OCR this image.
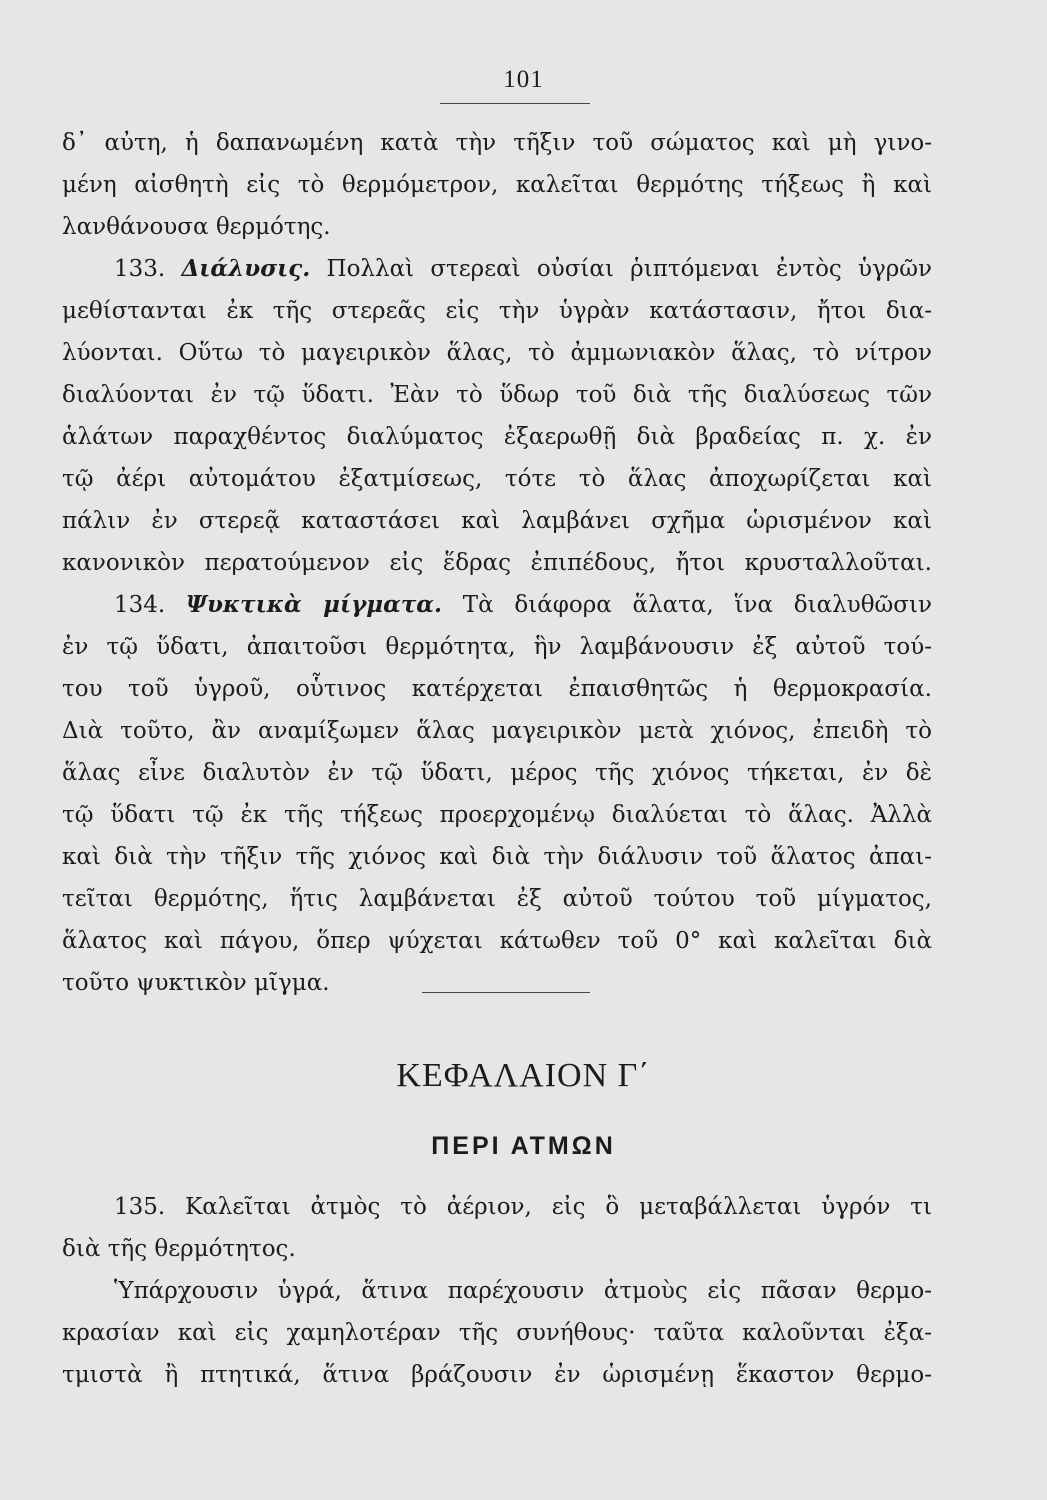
101
δ᾽ αὐτη, ἡ δαπανωμένη κατὰ τὴν τῆξιν τοῦ σώματος καὶ μὴ γινο-
μένη αἰσθητὴ εἰς τὸ θερμόμετρον, καλεῖται θερμότης τήξεως ἢ καὶ
λανθάνουσα θερμότης.
133. Διάλυσις. Πολλαὶ στερεαὶ οὐσίαι ῥιπτόμεναι ἐντὸς ὑγρῶν
μεθίστανται ἐκ τῆς στερεᾶς εἰς τὴν ὑγρὰν κατάστασιν, ἤτοι δια-
λύονται. Οὕτω τὸ μαγειρικὸν ἅλας, τὸ ἀμμωνιακὸν ἅλας, τὸ νίτρον
διαλύονται ἐν τῷ ὕδατι. Ἐὰν τὸ ὕδωρ τοῦ διὰ τῆς διαλύσεως τῶν
ἁλάτων παραχθέντος διαλύματος ἐξαερωθῇ διὰ βραδείας π. χ. ἐν
τῷ ἀέρι αὐτομάτου ἐξατμίσεως, τότε τὸ ἅλας ἀποχωρίζεται καὶ
πάλιν ἐν στερεᾷ καταστάσει καὶ λαμβάνει σχῆμα ὡρισμένον καὶ
κανονικὸν περατούμενον εἰς ἕδρας ἐπιπέδους, ἤτοι κρυσταλλοῦται.
134. Ψυκτικὰ μίγματα. Τὰ διάφορα ἅλατα, ἵνα διαλυθῶσιν
ἐν τῷ ὕδατι, ἀπαιτοῦσι θερμότητα, ἣν λαμβάνουσιν ἐξ αὐτοῦ τού-
του τοῦ ὑγροῦ, οὗτινος κατέρχεται ἐπαισθητῶς ἡ θερμοκρασία.
Διὰ τοῦτο, ἂν αναμίξωμεν ἅλας μαγειρικὸν μετὰ χιόνος, ἐπειδὴ τὸ
ἅλας εἶνε διαλυτὸν ἐν τῷ ὕδατι, μέρος τῆς χιόνος τήκεται, ἐν δὲ
τῷ ὕδατι τῷ ἐκ τῆς τήξεως προερχομένῳ διαλύεται τὸ ἅλας. Ἀλλὰ
καὶ διὰ τὴν τῆξιν τῆς χιόνος καὶ διὰ τὴν διάλυσιν τοῦ ἅλατος ἀπαι-
τεῖται θερμότης, ἥτις λαμβάνεται ἐξ αὐτοῦ τούτου τοῦ μίγματος,
ἅλατος καὶ πάγου, ὅπερ ψύχεται κάτωθεν τοῦ 0° καὶ καλεῖται διὰ
τοῦτο ψυκτικὸν μῖγμα.
ΚΕΦΑΛΑΙΟΝ Γ΄
ΠΕΡΙ ΑΤΜΩΝ
135. Καλεῖται ἀτμὸς τὸ ἀέριον, εἰς ὃ μεταβάλλεται ὑγρόν τι
διὰ τῆς θερμότητος.
Ὑπάρχουσιν ὑγρά, ἅτινα παρέχουσιν ἀτμοὺς εἰς πᾶσαν θερμο-
κρασίαν καὶ εἰς χαμηλοτέραν τῆς συνήθους· ταῦτα καλοῦνται ἐξα-
τμιστὰ ἢ πτητικά, ἅτινα βράζουσιν ἐν ὡρισμένῃ ἕκαστον θερμο-
